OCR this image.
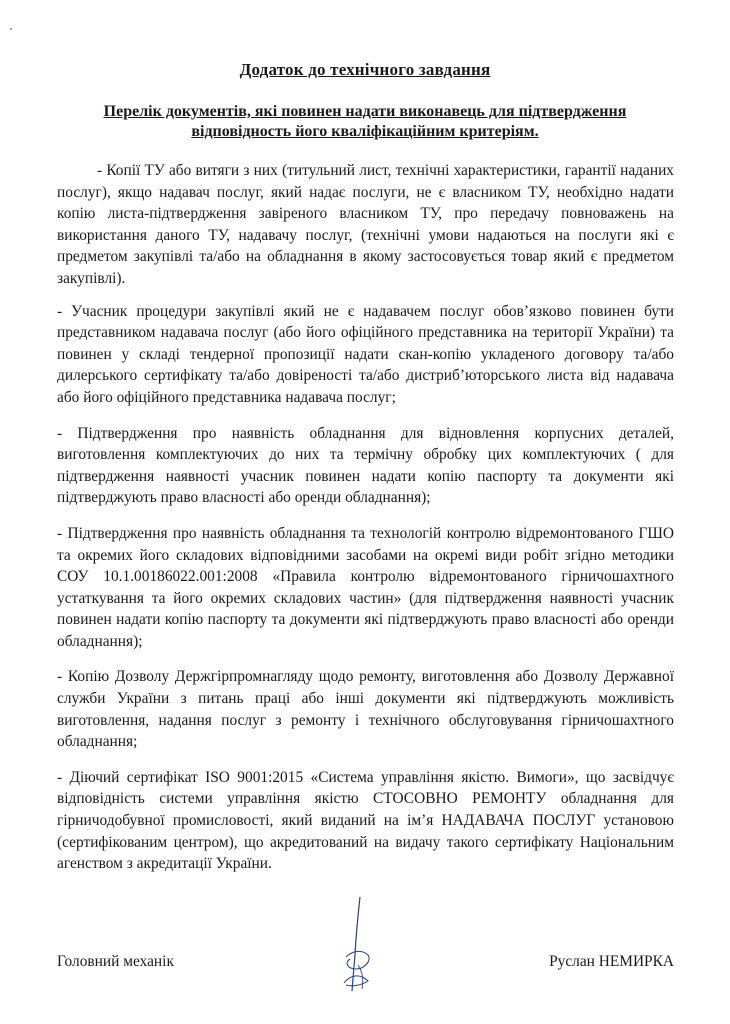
Додаток до технічного завдання
Перелік документів, які повинен надати виконавець для підтвердження відповідность його кваліфікаційним критеріям.

- Копії ТУ або витяги з них (титульний лист, технічні характеристики, гарантії наданих послуг), якщо надавач послуг, який надає послуги, не є власником ТУ, необхідно надати копію листа-підтвердження завіреного власником ТУ, про передачу повноважень на використання даного ТУ, надавачу послуг, (технічні умови надаються на послуги які є предметом закупівлі та/або на обладнання в якому застосовується товар який є предметом закупівлі).

- Учасник процедури закупівлі який не є надавачем послуг обов’язково повинен бути представником надавача послуг (або його офіційного представника на території України) та повинен у складі тендерної пропозиції надати скан-копію укладеного договору та/або дилерського сертифікату та/або довіреності та/або дистриб’юторського листа від надавача або його офіційного представника надавача послуг;

- Підтвердження про наявність обладнання для відновлення корпусних деталей, виготовлення комплектуючих до них та термічну обробку цих комплектуючих ( для підтвердження наявності учасник повинен надати копію паспорту та документи які підтверджують право власності або оренди обладнання);

- Підтвердження про наявність обладнання та технологій контролю відремонтованого ГШО та окремих його складових відповідними засобами на окремі види робіт згідно методики СОУ 10.1.00186022.001:2008 «Правила контролю відремонтованого гірничошахтного устаткування та його окремих складових частин» (для підтвердження наявності учасник повинен надати копію паспорту та документи які підтверджують право власності або оренди обладнання);

- Копію Дозволу Держгірпромнагляду щодо ремонту, виготовлення або Дозволу Державної служби України з питань праці або інші документи які підтверджують можливість виготовлення, надання послуг з ремонту і технічного обслуговування гірничошахтного обладнання;

- Діючий сертифікат ISO 9001:2015 «Система управління якістю. Вимоги», що засвідчує відповідність системи управління якістю СТОСОВНО РЕМОНТУ обладнання для гірничодобувної промисловості, який виданий на ім’я НАДАВАЧА ПОСЛУГ установою (сертифікованим центром), що акредитований на видачу такого сертифікату Національним агенством з акредитації України.

Головний механік	Руслан НЕМИРКА
